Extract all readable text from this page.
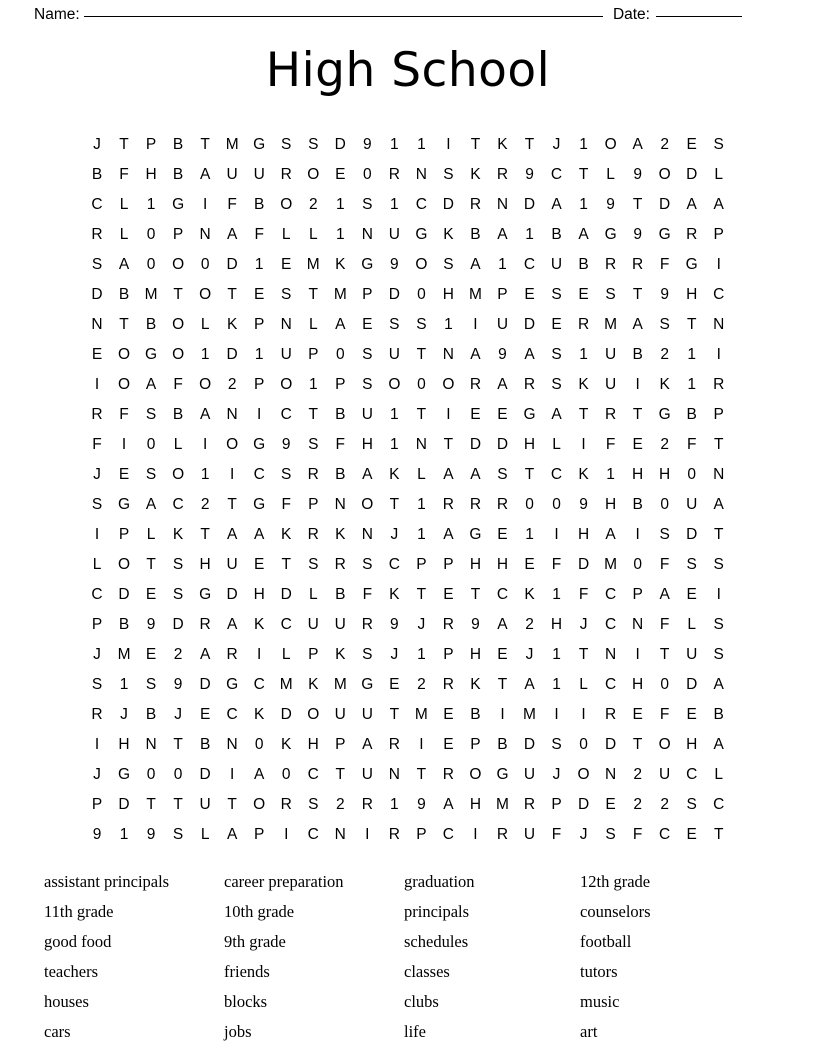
Name:	Date:
High School
J	T	P	B	T	M G	S	S	D	9	1	1	I	T	K	T	J	1	O	A	2	E	S
B	F	H	B	A	U	U	R O	E	0	R	N	S	K	R	9	C	T	L	9	O D	L
C	L	1	G	I	F	B	O	2	1	S	1	C	D	R	N	D	A	1	9	T	D	A	A
R	L	0	P	N	A	F	L	L	1	N	U G	K	B	A	1	B	A	G	9	G R	P
S	A	0	O	0	D	1	E M K	G	9	O	S	A	1	C	U	B	R	R	F	G	I
D	B M	T	O	T	E	S	T	M P	D	0	H M P	E	S	E	S	T	9	H	C
N	T	B	O	L	K	P	N	L	A	E	S	S	1	I	U	D	E	R M A	S	T	N
E	O G O	1	D	1	U	P	0	S	U	T	N	A	9	A	S	1	U	B	2	1	I
I	O	A	F	O	2	P	O	1	P	S	O	0	O R	A	R	S	K	U	I	K	1	R
R	F	S	B	A	N	I	C	T	B	U	1	T	I	E	E	G	A	T	R	T	G	B	P
F	I	0	L	I	O G	9	S	F	H	1	N	T	D	D	H	L	I	F	E	2	F	T
J	E	S	O	1	I	C	S	R	B	A	K	L	A	A	S	T	C	K	1	H	H	0	N
S	G	A	C	2	T	G	F	P	N O	T	1	R	R	R	0	0	9	H	B	0	U	A
I	P	L	K	T	A	A	K	R	K	N	J	1	A	G	E	1	I	H	A	I	S	D	T
L	O	T	S	H	U	E	T	S	R	S	C	P	P	H	H	E	F	D M	0	F	S	S
C	D	E	S	G D	H	D	L	B	F	K	T	E	T	C	K	1	F	C	P	A	E	I
P	B	9	D	R	A	K	C	U	U	R	9	J	R	9	A	2	H	J	C	N	F	L	S
J	M E	2	A	R	I	L	P	K	S	J	1	P	H	E	J	1	T	N	I	T	U	S
S	1	S	9	D G C M K M G	E	2	R	K	T	A	1	L	C	H	0	D	A
R	J	B	J	E	C	K	D O U	U	T	M E	B	I	M	I	I	R	E	F	E	B
I	H	N	T	B	N	0	K	H	P	A	R	I	E	P	B	D	S	0	D	T	O H	A
J	G	0	0	D	I	A	0	C	T	U	N	T	R O G U	J	O N	2	U	C	L
P	D	T	T	U	T	O R	S	2	R	1	9	A	H M R	P	D	E	2	2	S	C
9	1	9	S	L	A	P	I	C	N	I	R	P	C	I	R	U	F	J	S	F	C	E	T
assistant principals	career preparation	graduation	12th grade
11th grade	10th grade	principals	counselors
good food	9th grade	schedules	football
teachers	friends	classes	tutors
houses	blocks	clubs	music
cars	jobs	life	art
